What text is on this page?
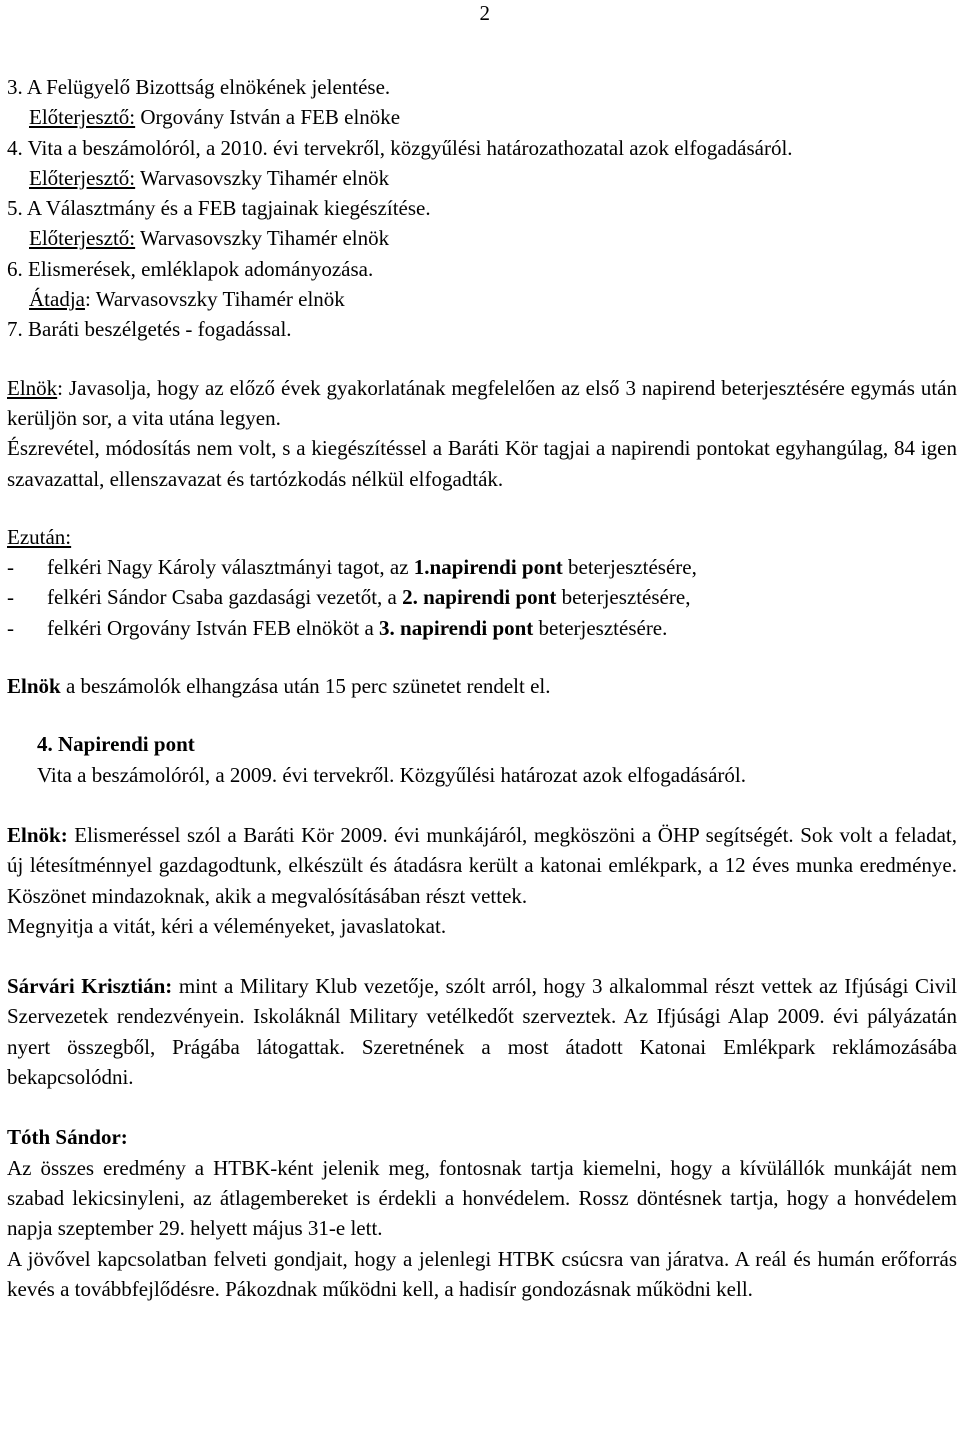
2

3. A Felügyelő Bizottság elnökének jelentése.

Előterjesztő: Orgovány István a FEB elnöke

4. Vita a beszámolóról, a 2010. évi tervekről, közgyűlési határozathozatal azok elfogadásáról.

Előterjesztő: Warvasovszky Tihamér elnök

5. A Választmány és a FEB tagjainak kiegészítése.

Előterjesztő: Warvasovszky Tihamér elnök

6. Elismerések, emléklapok adományozása.

Átadja: Warvasovszky Tihamér elnök

7. Baráti beszélgetés - fogadással.

Elnök: Javasolja, hogy az előző évek gyakorlatának megfelelően az első 3 napirend beterjesztésére egymás után kerüljön sor, a vita utána legyen.

Észrevétel, módosítás nem volt, s a kiegészítéssel a Baráti Kör tagjai a napirendi pontokat egyhangúlag, 84 igen szavazattal, ellenszavazat és tartózkodás nélkül elfogadták.

Ezután:

-	felkéri Nagy Károly választmányi tagot, az 1.napirendi pont beterjesztésére,
-	felkéri Sándor Csaba gazdasági vezetőt, a 2. napirendi pont beterjesztésére,
-	felkéri Orgovány István FEB elnököt a 3. napirendi pont beterjesztésére.

Elnök a beszámolók elhangzása után 15 perc szünetet rendelt el.

4. Napirendi pont

Vita a beszámolóról, a 2009. évi tervekről. Közgyűlési határozat azok elfogadásáról.

Elnök: Elismeréssel szól a Baráti Kör 2009. évi munkájáról, megköszöni a ÖHP segítségét. Sok volt a feladat, új létesítménnyel gazdagodtunk, elkészült és átadásra került a katonai emlékpark, a 12 éves munka eredménye. Köszönet mindazoknak, akik a megvalósításában részt vettek.

Megnyitja a vitát, kéri a véleményeket, javaslatokat.

Sárvári Krisztián: mint a Military Klub vezetője, szólt arról, hogy 3 alkalommal részt vettek az Ifjúsági Civil Szervezetek rendezvényein. Iskoláknál Military vetélkedőt szerveztek. Az Ifjúsági Alap 2009. évi pályázatán nyert összegből, Prágába látogattak. Szeretnének a most átadott Katonai Emlékpark reklámozásába bekapcsolódni.

Tóth Sándor:

Az összes eredmény a HTBK-ként jelenik meg, fontosnak tartja kiemelni, hogy a kívülállók munkáját nem szabad lekicsinyleni, az átlagembereket is érdekli a honvédelem. Rossz döntésnek tartja, hogy a honvédelem napja szeptember 29. helyett május 31-e lett.

A jövővel kapcsolatban felveti gondjait, hogy a jelenlegi HTBK csúcsra van járatva. A reál és humán erőforrás kevés a továbbfejlődésre. Pákozdnak működni kell, a hadisír gondozásnak működni kell.
